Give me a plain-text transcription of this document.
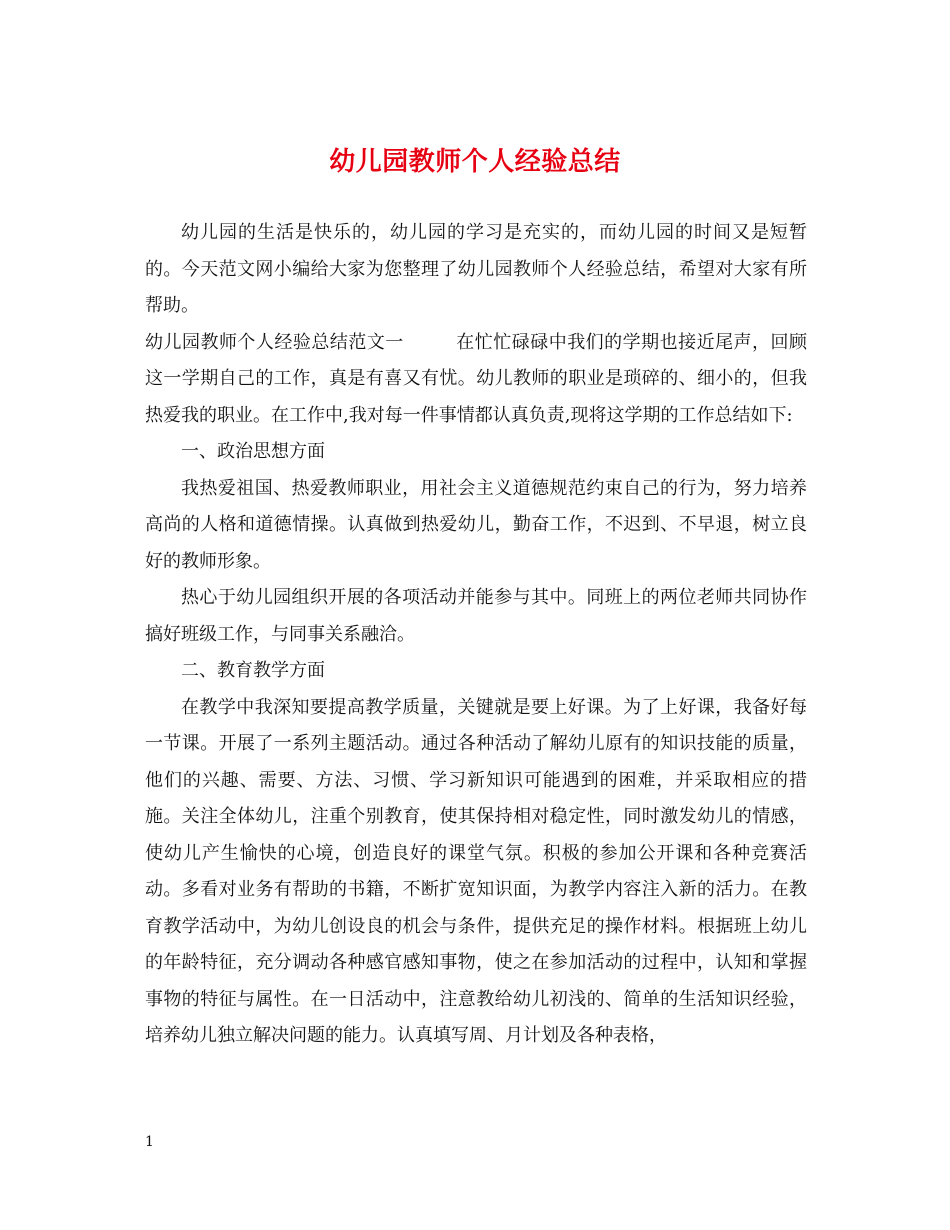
幼儿园教师个人经验总结

幼儿园的生活是快乐的，幼儿园的学习是充实的，而幼儿园的时间又是短暂的。今天范文网小编给大家为您整理了幼儿园教师个人经验总结，希望对大家有所帮助。

幼儿园教师个人经验总结范文一	在忙忙碌碌中我们的学期也接近尾声，回顾这一学期自己的工作，真是有喜又有忧。幼儿教师的职业是琐碎的、细小的，但我热爱我的职业。在工作中,我对每一件事情都认真负责,现将这学期的工作总结如下:

一、政治思想方面

我热爱祖国、热爱教师职业，用社会主义道德规范约束自己的行为，努力培养高尚的人格和道德情操。认真做到热爱幼儿，勤奋工作，不迟到、不早退，树立良好的教师形象。

热心于幼儿园组织开展的各项活动并能参与其中。同班上的两位老师共同协作搞好班级工作，与同事关系融洽。

二、教育教学方面

在教学中我深知要提高教学质量，关键就是要上好课。为了上好课，我备好每一节课。开展了一系列主题活动。通过各种活动了解幼儿原有的知识技能的质量，他们的兴趣、需要、方法、习惯、学习新知识可能遇到的困难，并采取相应的措施。关注全体幼儿，注重个别教育，使其保持相对稳定性，同时激发幼儿的情感，使幼儿产生愉快的心境，创造良好的课堂气氛。积极的参加公开课和各种竞赛活动。多看对业务有帮助的书籍，不断扩宽知识面，为教学内容注入新的活力。在教育教学活动中，为幼儿创设良的机会与条件，提供充足的操作材料。根据班上幼儿的年龄特征，充分调动各种感官感知事物，使之在参加活动的过程中，认知和掌握事物的特征与属性。在一日活动中，注意教给幼儿初浅的、简单的生活知识经验，培养幼儿独立解决问题的能力。认真填写周、月计划及各种表格，

1
